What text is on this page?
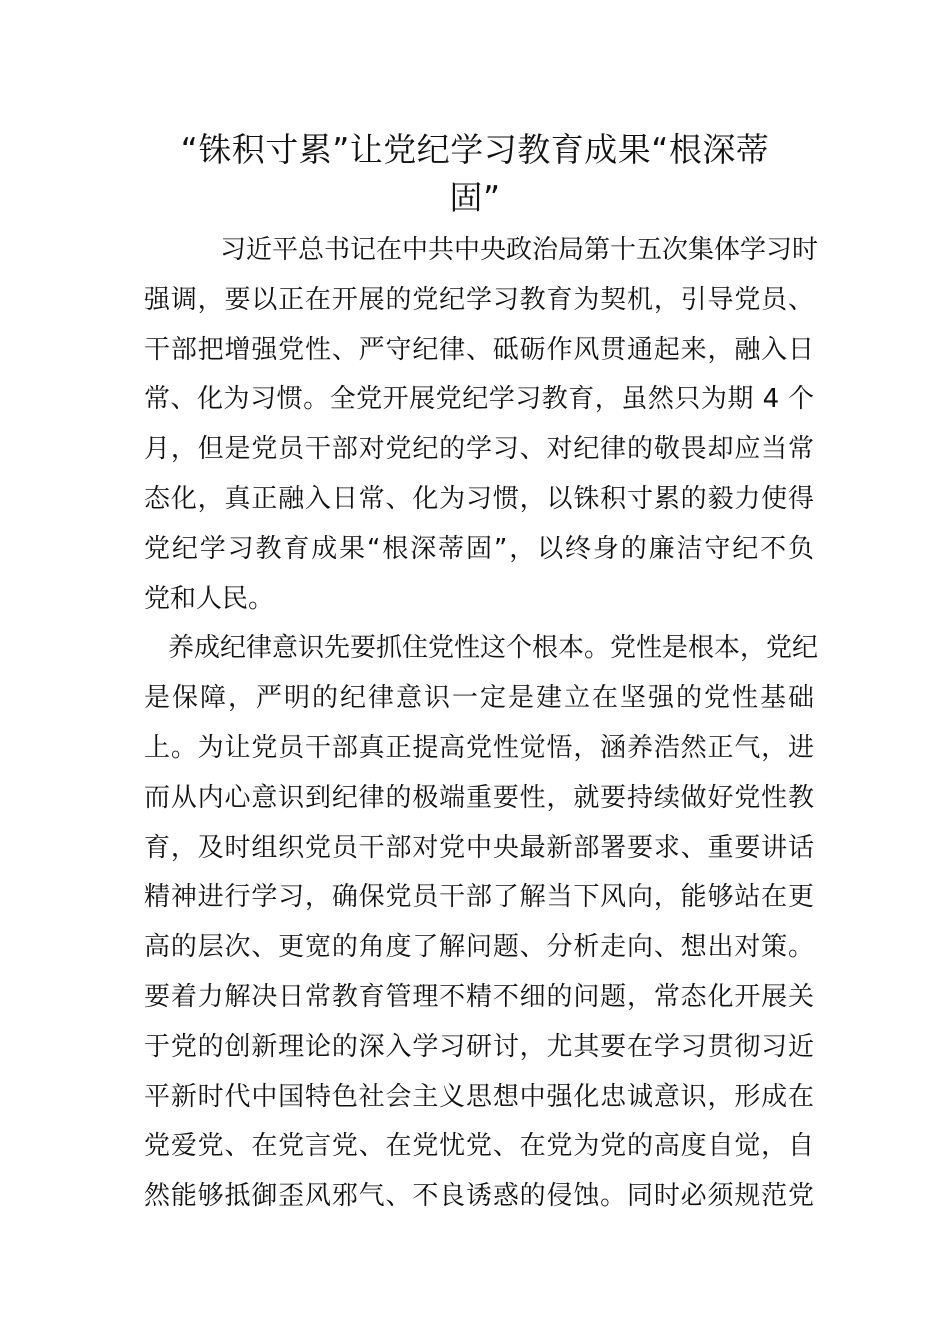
“铢积寸累”让党纪学习教育成果“根深蒂
固”
习近平总书记在中共中央政治局第十五次集体学习时
强调，要以正在开展的党纪学习教育为契机，引导党员、
干部把增强党性、严守纪律、砥砺作风贯通起来，融入日
常、化为习惯。全党开展党纪学习教育，虽然只为期 4 个
月，但是党员干部对党纪的学习、对纪律的敬畏却应当常
态化，真正融入日常、化为习惯，以铢积寸累的毅力使得
党纪学习教育成果“根深蒂固”，以终身的廉洁守纪不负
党和人民。
养成纪律意识先要抓住党性这个根本。党性是根本，党纪
是保障，严明的纪律意识一定是建立在坚强的党性基础
上。为让党员干部真正提高党性觉悟，涵养浩然正气，进
而从内心意识到纪律的极端重要性，就要持续做好党性教
育，及时组织党员干部对党中央最新部署要求、重要讲话
精神进行学习，确保党员干部了解当下风向，能够站在更
高的层次、更宽的角度了解问题、分析走向、想出对策。
要着力解决日常教育管理不精不细的问题，常态化开展关
于党的创新理论的深入学习研讨，尤其要在学习贯彻习近
平新时代中国特色社会主义思想中强化忠诚意识，形成在
党爱党、在党言党、在党忧党、在党为党的高度自觉，自
然能够抵御歪风邪气、不良诱惑的侵蚀。同时必须规范党
